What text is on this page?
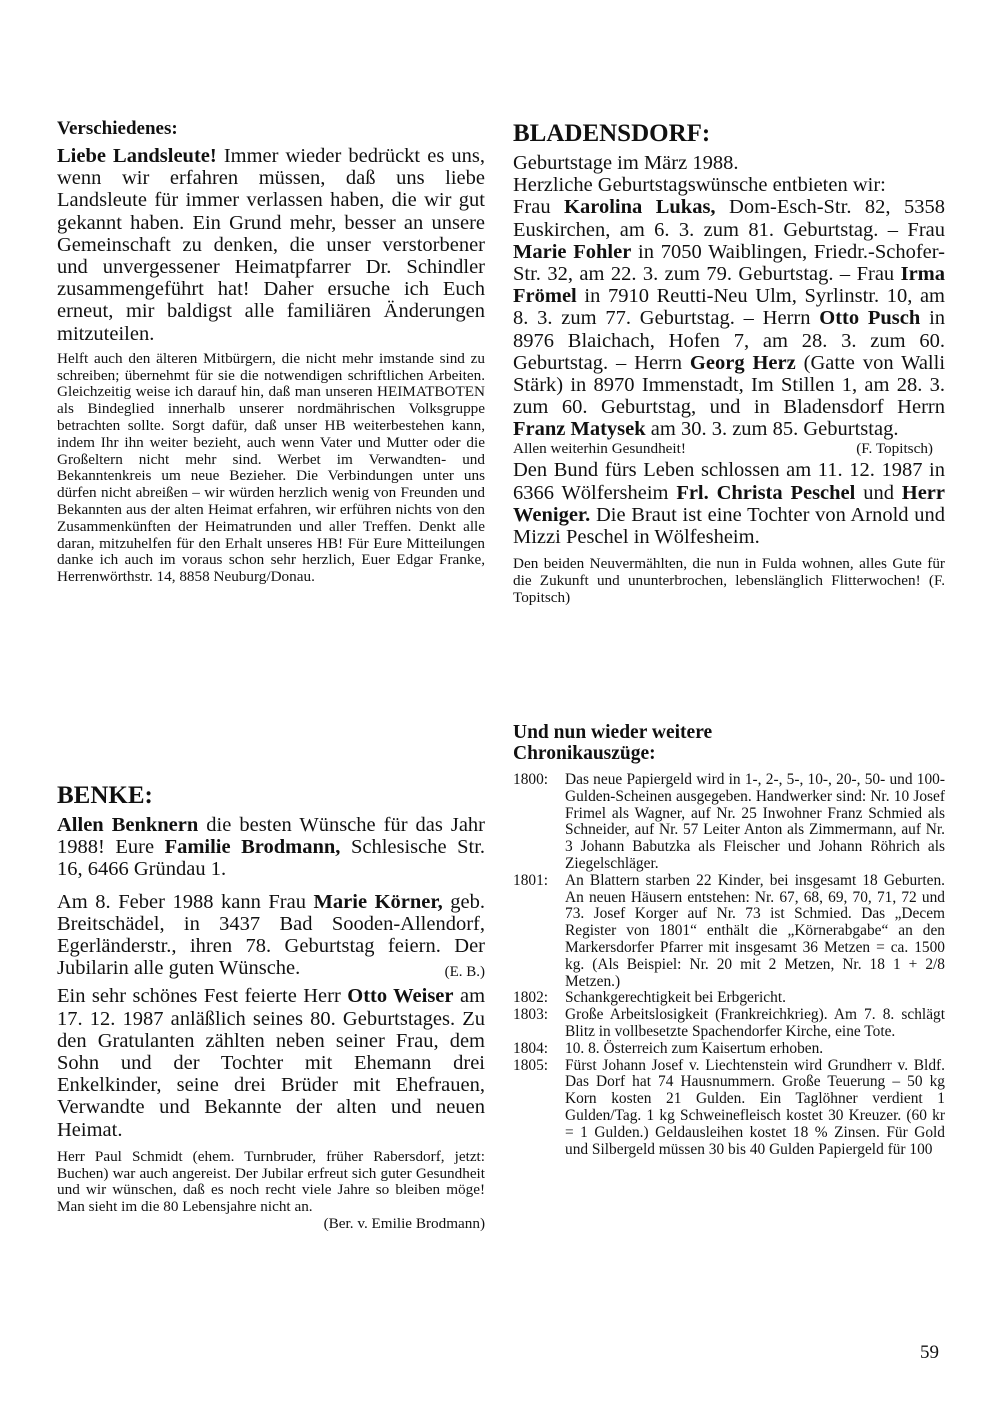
Verschiedenes:

Liebe Landsleute! Immer wieder bedrückt es uns, wenn wir erfahren müssen, daß uns liebe Landsleute für immer verlassen haben, die wir gut gekannt haben. Ein Grund mehr, besser an unsere Gemeinschaft zu denken, die unser verstorbener und unvergessener Heimatpfarrer Dr. Schindler zusammengeführt hat! Daher ersuche ich Euch erneut, mir baldigst alle familiären Änderungen mitzuteilen.

Helft auch den älteren Mitbürgern, die nicht mehr imstande sind zu schreiben; übernehmt für sie die notwendigen schriftlichen Arbeiten. Gleichzeitig weise ich darauf hin, daß man unseren HEIMATBOTEN als Bindeglied innerhalb unserer nordmährischen Volksgruppe betrachten sollte. Sorgt dafür, daß unser HB weiterbestehen kann, indem Ihr ihn weiter bezieht, auch wenn Vater und Mutter oder die Großeltern nicht mehr sind. Werbet im Verwandten- und Bekanntenkreis um neue Bezieher. Die Verbindungen unter uns dürfen nicht abreißen – wir würden herzlich wenig von Freunden und Bekannten aus der alten Heimat erfahren, wir erführen nichts von den Zusammenkünften der Heimatrunden und aller Treffen. Denkt alle daran, mitzuhelfen für den Erhalt unseres HB! Für Eure Mitteilungen danke ich auch im voraus schon sehr herzlich, Euer Edgar Franke, Herrenwörthstr. 14, 8858 Neuburg/Donau.

BENKE:

Allen Benknern die besten Wünsche für das Jahr 1988! Eure Familie Brodmann, Schlesische Str. 16, 6466 Gründau 1.

Am 8. Feber 1988 kann Frau Marie Körner, geb. Breitschädel, in 3437 Bad Sooden-Allendorf, Egerländerstr., ihren 78. Geburtstag feiern. Der Jubilarin alle guten Wünsche.	(E. B.)

Ein sehr schönes Fest feierte Herr Otto Weiser am 17. 12. 1987 anläßlich seines 80. Geburtstages. Zu den Gratulanten zählten neben seiner Frau, dem Sohn und der Tochter mit Ehemann drei Enkelkinder, seine drei Brüder mit Ehefrauen, Verwandte und Bekannte der alten und neuen Heimat.

Herr Paul Schmidt (ehem. Turnbruder, früher Rabersdorf, jetzt: Buchen) war auch angereist. Der Jubilar erfreut sich guter Gesundheit und wir wünschen, daß es noch recht viele Jahre so bleiben möge! Man sieht im die 80 Lebensjahre nicht an.
(Ber. v. Emilie Brodmann)

BLADENSDORF:

Geburtstage im März 1988.

Herzliche Geburtstagswünsche entbieten wir:

Frau Karolina Lukas, Dom-Esch-Str. 82, 5358 Euskirchen, am 6. 3. zum 81. Geburtstag. – Frau Marie Fohler in 7050 Waiblingen, Friedr.-Schofer-Str. 32, am 22. 3. zum 79. Geburtstag. – Frau Irma Frömel in 7910 Reutti-Neu Ulm, Syrlinstr. 10, am 8. 3. zum 77. Geburtstag. – Herrn Otto Pusch in 8976 Blaichach, Hofen 7, am 28. 3. zum 60. Geburtstag. – Herrn Georg Herz (Gatte von Walli Stärk) in 8970 Immenstadt, Im Stillen 1, am 28. 3. zum 60. Geburtstag, und in Bladensdorf Herrn Franz Matysek am 30. 3. zum 85. Geburtstag.

Allen weiterhin Gesundheit!	(F. Topitsch)

Den Bund fürs Leben schlossen am 11. 12. 1987 in 6366 Wölfersheim Frl. Christa Peschel und Herr Weniger. Die Braut ist eine Tochter von Arnold und Mizzi Peschel in Wölfesheim.

Den beiden Neuvermählten, die nun in Fulda wohnen, alles Gute für die Zukunft und ununterbrochen, lebenslänglich Flitterwochen! (F. Topitsch)

Und nun wieder weitere Chronikauszüge:
1800:	Das neue Papiergeld wird in 1-, 2-, 5-, 10-, 20-, 50- und 100-Gulden-Scheinen ausgegeben. Handwerker sind: Nr. 10 Josef Frimel als Wagner, auf Nr. 25 Inwohner Franz Schmied als Schneider, auf Nr. 57 Leiter Anton als Zimmermann, auf Nr. 3 Johann Babutzka als Fleischer und Johann Röhrich als Ziegelschläger.
1801:	An Blattern starben 22 Kinder, bei insgesamt 18 Geburten. An neuen Häusern entstehen: Nr. 67, 68, 69, 70, 71, 72 und 73. Josef Korger auf Nr. 73 ist Schmied. Das „Decem Register von 1801“ enthält die „Körnerabgabe“ an den Markersdorfer Pfarrer mit insgesamt 36 Metzen = ca. 1500 kg. (Als Beispiel: Nr. 20 mit 2 Metzen, Nr. 18 1 + 2/8 Metzen.)
1802:	Schankgerechtigkeit bei Erbgericht.
1803:	Große Arbeitslosigkeit (Frankreichkrieg). Am 7. 8. schlägt Blitz in vollbesetzte Spachendorfer Kirche, eine Tote.
1804:	10. 8. Österreich zum Kaisertum erhoben.
1805:	Fürst Johann Josef v. Liechtenstein wird Grundherr v. Bldf. Das Dorf hat 74 Hausnummern. Große Teuerung – 50 kg Korn kosten 21 Gulden. Ein Taglöhner verdient 1 Gulden/Tag. 1 kg Schweinefleisch kostet 30 Kreuzer. (60 kr = 1 Gulden.) Geldausleihen kostet 18 % Zinsen. Für Gold und Silbergeld müssen 30 bis 40 Gulden Papiergeld für 100
59
